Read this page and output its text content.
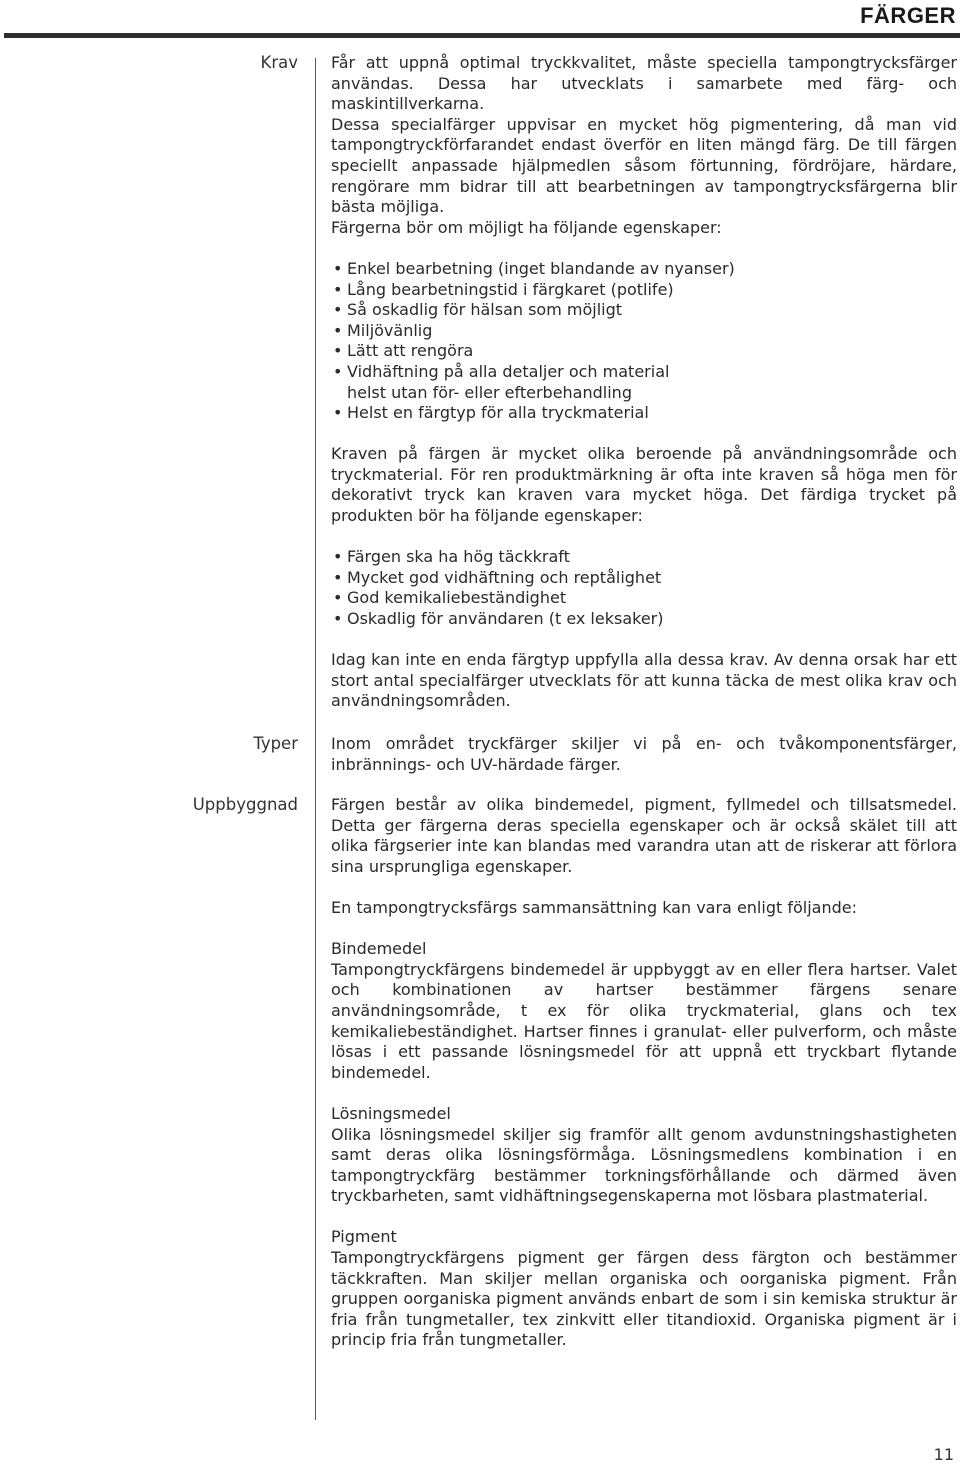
FÄRGER
Krav
Typer
Uppbyggnad

Får att uppnå optimal tryckkvalitet, måste speciella tampongtrycksfärger användas. Dessa har utvecklats i samarbete med färg- och maskintillverkarna.

Dessa specialfärger uppvisar en mycket hög pigmentering, då man vid tampongtryckförfarandet endast överför en liten mängd färg. De till färgen speciellt anpassade hjälpmedlen såsom förtunning, fördröjare, härdare, rengörare mm bidrar till att bearbetningen av tampongtrycksfärgerna blir bästa möjliga.

Färgerna bör om möjligt ha följande egenskaper:

• Enkel bearbetning (inget blandande av nyanser)
• Lång bearbetningstid i färgkaret (potlife)
• Så oskadlig för hälsan som möjligt
• Miljövänlig
• Lätt att rengöra
• Vidhäftning på alla detaljer och material
helst utan för- eller efterbehandling
• Helst en färgtyp för alla tryckmaterial
Kraven på färgen är mycket olika beroende på användningsområde och tryckmaterial. För ren produktmärkning är ofta inte kraven så höga men för dekorativt tryck kan kraven vara mycket höga. Det färdiga trycket på produkten bör ha följande egenskaper:
• Färgen ska ha hög täckkraft
• Mycket god vidhäftning och reptålighet
• God kemikaliebeständighet
• Oskadlig för användaren (t ex leksaker)
Idag kan inte en enda färgtyp uppfylla alla dessa krav. Av denna orsak har ett stort antal specialfärger utvecklats för att kunna täcka de mest olika krav och användningsområden.
Inom området tryckfärger skiljer vi på en- och tvåkomponentsfärger, inbrännings- och UV-härdade färger.
Färgen består av olika bindemedel, pigment, fyllmedel och tillsatsmedel. Detta ger färgerna deras speciella egenskaper och är också skälet till att olika färgserier inte kan blandas med varandra utan att de riskerar att förlora sina ursprungliga egenskaper.
En tampongtrycksfärgs sammansättning kan vara enligt följande:

Bindemedel

Tampongtryckfärgens bindemedel är uppbyggt av en eller flera hartser. Valet och kombinationen av hartser bestämmer färgens senare användningsområde, t ex för olika tryckmaterial, glans och tex kemikaliebeständighet. Hartser finnes i granulat- eller pulverform, och måste lösas i ett passande lösningsmedel för att uppnå ett tryckbart flytande bindemedel.

Lösningsmedel

Olika lösningsmedel skiljer sig framför allt genom avdunstningshastigheten samt deras olika lösningsförmåga. Lösningsmedlens kombination i en tampongtryckfärg bestämmer torkningsförhållande och därmed även tryckbarheten, samt vidhäftningsegenskaperna mot lösbara plastmaterial.

Pigment

Tampongtryckfärgens pigment ger färgen dess färgton och bestämmer täckkraften. Man skiljer mellan organiska och oorganiska pigment. Från gruppen oorganiska pigment används enbart de som i sin kemiska struktur är fria från tungmetaller, tex zinkvitt eller titandioxid. Organiska pigment är i princip fria från tungmetaller.

11
